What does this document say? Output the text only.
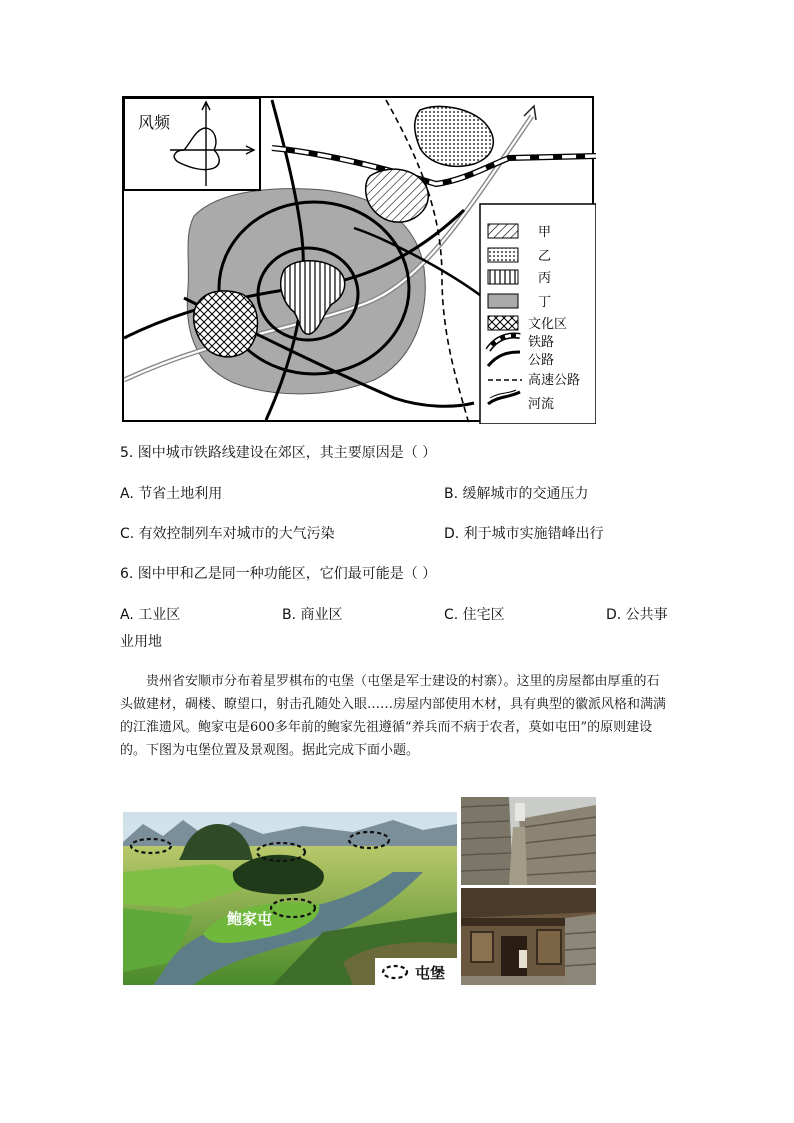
风频
甲
乙
丙
丁
文化区
铁路
公路
高速公路
河流
5. 图中城市铁路线建设在郊区，其主要原因是（ ）
A. 节省土地利用	B. 缓解城市的交通压力
C. 有效控制列车对城市的大气污染	D. 利于城市实施错峰出行
6. 图中甲和乙是同一种功能区，它们最可能是（ ）
A. 工业区	B. 商业区	C. 住宅区	D. 公共事
业用地
贵州省安顺市分布着星罗棋布的屯堡（屯堡是军士建设的村寨）。这里的房屋都由厚重的石头做建材，碉楼、瞭望口，射击孔随处入眼……房屋内部使用木材，具有典型的徽派风格和满满的江淮遗风。鲍家屯是600多年前的鲍家先祖遵循“养兵而不病于农者，莫如屯田”的原则建设的。下图为屯堡位置及景观图。据此完成下面小题。
鲍家屯
屯堡
